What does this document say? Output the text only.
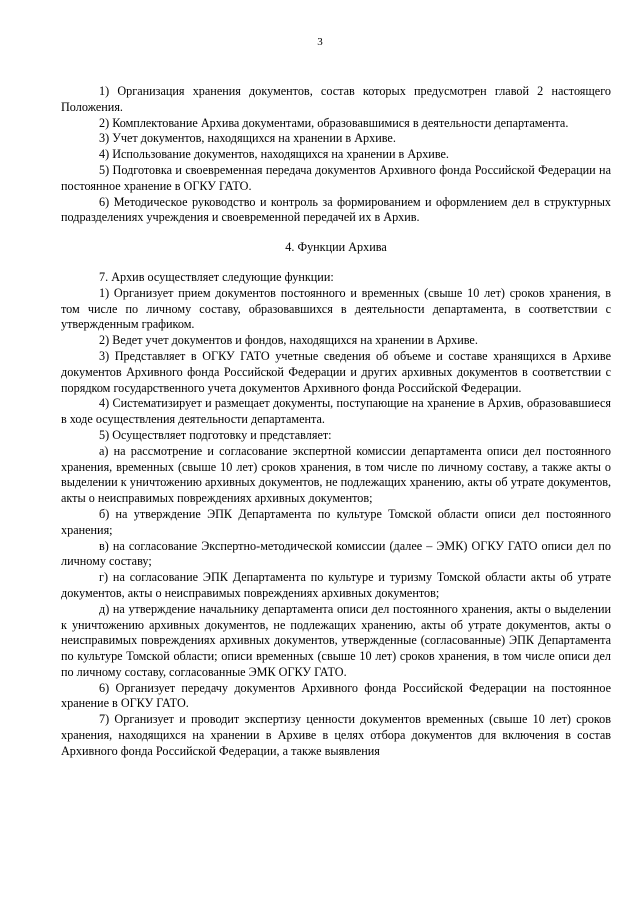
3

1) Организация хранения документов, состав которых предусмотрен главой 2 настоящего Положения.

2) Комплектование Архива документами, образовавшимися в деятельности департамента.

3) Учет документов, находящихся на хранении в Архиве.

4) Использование документов, находящихся на хранении в Архиве.

5) Подготовка и своевременная передача документов Архивного фонда Российской Федерации на постоянное хранение в ОГКУ ГАТО.

6) Методическое руководство и контроль за формированием и оформлением дел в структурных подразделениях учреждения и своевременной передачей их в Архив.

4. Функции Архива

7. Архив осуществляет следующие функции:

1) Организует прием документов постоянного и временных (свыше 10 лет) сроков хранения, в том числе по личному составу, образовавшихся в деятельности департамента, в соответствии с утвержденным графиком.

2) Ведет учет документов и фондов, находящихся на хранении в Архиве.

3) Представляет в ОГКУ ГАТО учетные сведения об объеме и составе хранящихся в Архиве документов Архивного фонда Российской Федерации и других архивных документов в соответствии с порядком государственного учета документов Архивного фонда Российской Федерации.

4) Систематизирует и размещает документы, поступающие на хранение в Архив, образовавшиеся в ходе осуществления деятельности департамента.

5) Осуществляет подготовку и представляет:

а) на рассмотрение и согласование экспертной комиссии департамента описи дел постоянного хранения, временных (свыше 10 лет) сроков хранения, в том числе по личному составу, а также акты о выделении к уничтожению архивных документов, не подлежащих хранению, акты об утрате документов, акты о неисправимых повреждениях архивных документов;

б) на утверждение ЭПК Департамента по культуре Томской области описи дел постоянного хранения;

в) на согласование Экспертно-методической комиссии (далее – ЭМК) ОГКУ ГАТО описи дел по личному составу;

г) на согласование ЭПК Департамента по культуре и туризму Томской области акты об утрате документов, акты о неисправимых повреждениях архивных документов;

д) на утверждение начальнику департамента описи дел постоянного хранения, акты о выделении к уничтожению архивных документов, не подлежащих хранению, акты об утрате документов, акты о неисправимых повреждениях архивных документов, утвержденные (согласованные) ЭПК Департамента по культуре Томской области; описи временных (свыше 10 лет) сроков хранения, в том числе описи дел по личному составу, согласованные ЭМК ОГКУ ГАТО.

6) Организует передачу документов Архивного фонда Российской Федерации на постоянное хранение в ОГКУ ГАТО.

7) Организует и проводит экспертизу ценности документов временных (свыше 10 лет) сроков хранения, находящихся на хранении в Архиве в целях отбора документов для включения в состав Архивного фонда Российской Федерации, а также выявления
